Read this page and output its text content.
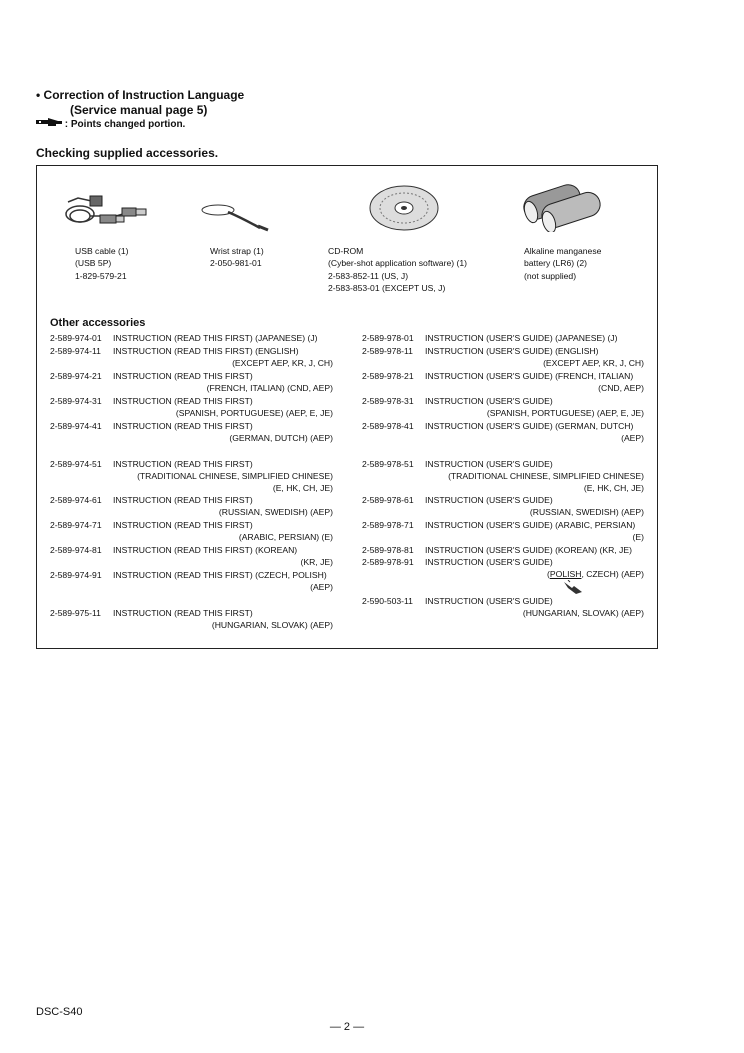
• Correction of Instruction Language
(Service manual page 5)
: Points changed portion.
Checking supplied accessories.
USB cable (1)
(USB 5P)
1-829-579-21
Wrist strap (1)
2-050-981-01
CD-ROM
(Cyber-shot application software) (1)
2-583-852-11 (US, J)
2-583-853-01 (EXCEPT US, J)
Alkaline manganese
battery (LR6) (2)
(not supplied)
Other accessories
2-589-974-01 INSTRUCTION (READ THIS FIRST) (JAPANESE) (J)
2-589-974-11 INSTRUCTION (READ THIS FIRST) (ENGLISH)
(EXCEPT AEP, KR, J, CH)
2-589-974-21 INSTRUCTION (READ THIS FIRST)
(FRENCH, ITALIAN) (CND, AEP)
2-589-974-31 INSTRUCTION (READ THIS FIRST)
(SPANISH, PORTUGUESE) (AEP, E, JE)
2-589-974-41 INSTRUCTION (READ THIS FIRST)
(GERMAN, DUTCH) (AEP)
2-589-974-51 INSTRUCTION (READ THIS FIRST)
(TRADITIONAL CHINESE, SIMPLIFIED CHINESE)
(E, HK, CH, JE)
2-589-974-61 INSTRUCTION (READ THIS FIRST)
(RUSSIAN, SWEDISH) (AEP)
2-589-974-71 INSTRUCTION (READ THIS FIRST)
(ARABIC, PERSIAN) (E)
2-589-974-81 INSTRUCTION (READ THIS FIRST) (KOREAN)
(KR, JE)
2-589-974-91 INSTRUCTION (READ THIS FIRST) (CZECH, POLISH)
(AEP)
2-589-975-11 INSTRUCTION (READ THIS FIRST)
(HUNGARIAN, SLOVAK) (AEP)
2-589-978-01 INSTRUCTION (USER'S GUIDE) (JAPANESE) (J)
2-589-978-11 INSTRUCTION (USER'S GUIDE) (ENGLISH)
(EXCEPT AEP, KR, J, CH)
2-589-978-21 INSTRUCTION (USER'S GUIDE) (FRENCH, ITALIAN)
(CND, AEP)
2-589-978-31 INSTRUCTION (USER'S GUIDE)
(SPANISH, PORTUGUESE) (AEP, E, JE)
2-589-978-41 INSTRUCTION (USER'S GUIDE) (GERMAN, DUTCH)
(AEP)
2-589-978-51 INSTRUCTION (USER'S GUIDE)
(TRADITIONAL CHINESE, SIMPLIFIED CHINESE)
(E, HK, CH, JE)
2-589-978-61 INSTRUCTION (USER'S GUIDE)
(RUSSIAN, SWEDISH) (AEP)
2-589-978-71 INSTRUCTION (USER'S GUIDE) (ARABIC, PERSIAN)
(E)
2-589-978-81 INSTRUCTION (USER'S GUIDE) (KOREAN) (KR, JE)
2-589-978-91 INSTRUCTION (USER'S GUIDE)
(POLISH, CZECH) (AEP)
2-590-503-11 INSTRUCTION (USER'S GUIDE)
(HUNGARIAN, SLOVAK) (AEP)
DSC-S40
— 2 —
